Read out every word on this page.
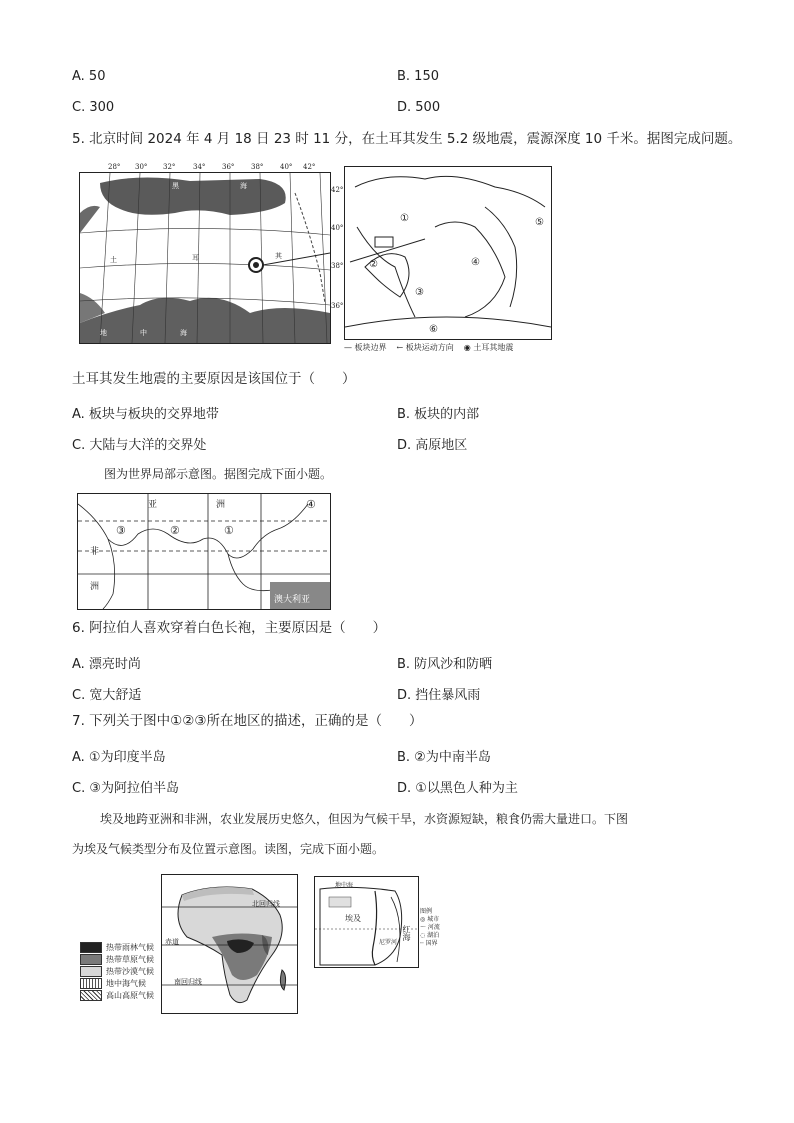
A. 50	B. 150
C. 300	D. 500
5. 北京时间 2024 年 4 月 18 日 23 时 11 分，在土耳其发生 5.2 级地震，震源深度 10 千米。据图完成问题。
黑	海
土	耳	其
地	中	海
28° 30° 32°	34° 36° 38° 40° 42°
42°
40°
38°
36°
①
②
③
④
⑤
⑥
— 板块边界 ← 板块运动方向 ◉ 土耳其地震
土耳其发生地震的主要原因是该国位于（　　）
A. 板块与板块的交界地带	B. 板块的内部
C. 大陆与大洋的交界处	D. 高原地区
图为世界局部示意图。据图完成下面小题。
亚	洲
非
洲
澳大利亚
①
②
③
④
6. 阿拉伯人喜欢穿着白色长袍，主要原因是（　　）
A. 漂亮时尚	B. 防风沙和防晒
C. 宽大舒适	D. 挡住暴风雨
7. 下列关于图中①②③所在地区的描述，正确的是（　　）
A. ①为印度半岛	B. ②为中南半岛
C. ③为阿拉伯半岛	D. ①以黑色人种为主
埃及地跨亚洲和非洲，农业发展历史悠久，但因为气候干旱，水资源短缺，粮食仍需大量进口。下图
为埃及气候类型分布及位置示意图。读图，完成下面小题。
赤道
南回归线
北回归线
热带雨林气候
热带草原气候
热带沙漠气候
地中海气候
高山高原气候
地中海
埃及
红海
尼罗河
图例
◎ 城市
～ 河流
◌ 湖泊
┄ 国界
